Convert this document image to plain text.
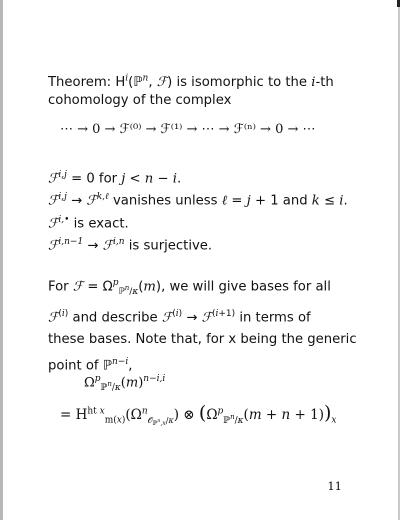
Theorem: $H^i(ℙ^n$, ℱ) is isomorphic to the i-th
cohomology of the complex
⋯ → 0 → ℱ⁽⁰⁾ → ℱ⁽¹⁾ → ⋯ → ℱ⁽ⁿ⁾ → 0 → ⋯
ℱ$^{i,j}$ = 0 for j < n − i.
ℱ$^{i,j}$ → ℱ$^{k,\ell}$ vanishes unless ℓ = j + 1 and k ≤ i.
ℱ$^{i,•}$ is exact.
ℱ$^{i,n-1}$ → ℱ$^{i,n}$ is surjective.
For ℱ = $\Omega^p_{ℙ^n/\kappa}(m)$, we will give bases for all
ℱ$^{(i)}$ and describe ℱ$^{(i)}$ → ℱ$^{(i+1)}$ in terms of
these bases. Note that, for x being the generic
point of ℙ$^{n-i}$,
$\Omega^p_{ℙ^n/\kappa}(m)^{n-i,i}$
= $H^{ht x}_{m(x)}(\Omega^n_{𝒪_{ℙ^n,x}/\kappa})$ ⊗ $(\Omega^p_{ℙ^n/\kappa}(m + n + 1))_x$
11
